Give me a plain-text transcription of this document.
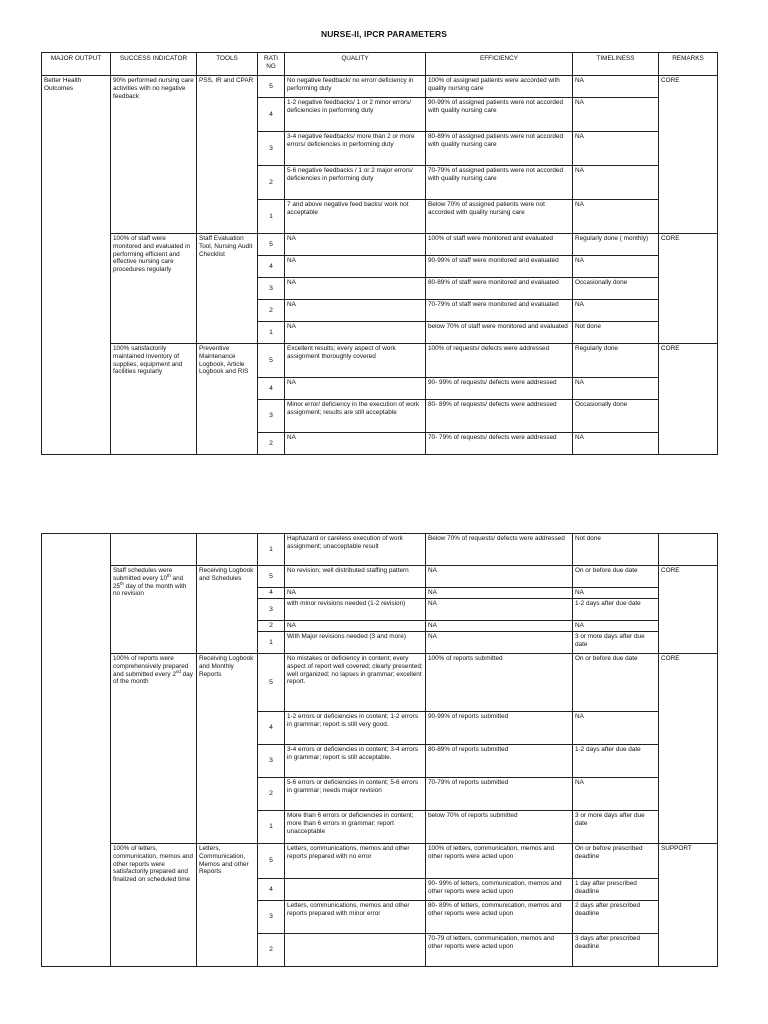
NURSE-II, IPCR PARAMETERS
MAJOR OUTPUT	SUCCESS INDICATOR	TOOLS	RATI NG	QUALITY	EFFICIENCY	TIMELINESS	REMARKS
Better Health Outcomes	90% performed nursing care activities with no negative feedback	PSS, IR and CPAR	5	No negative feedback/ no error/ deficiency in performing duty	100% of assigned patients were accorded with quality nursing care	NA	CORE
			4	1-2 negative feedbacks/ 1 or 2 minor errors/ deficiencies in performing duty	90-99% of assigned patients were not accorded with quality nursing care	NA	
			3	3-4 negative feedbacks/ more than 2 or more errors/ deficiencies in performing duty	80-89% of assigned patients were not accorded with quality nursing care	NA	
			2	5-6 negative feedbacks / 1 or 2 major errors/ deficiencies in performing duty	70-79% of assigned patients were not accorded with quality nursing care	NA	
			1	7 and above negative feed backs/ work not acceptable	Below 70% of assigned patients were not accorded with quality nursing care	NA	
	100% of staff were monitored and evaluated in performing efficient and effective nursing care procedures regularly	Staff Evaluation Tool, Nursing Audit Checklist	5	NA	100% of staff were monitored and evaluated	Regularly done ( monthly)	CORE
			4	NA	90-99% of staff were monitored and evaluated	NA	
			3	NA	80-89% of staff were monitored and evaluated	Occasionally done	
			2	NA	70-79% of staff were monitored and evaluated	NA	
			1	NA	below 70% of staff were monitored and evaluated	Not done	
	100% satisfactorily maintained inventory of supplies, equipment and facilities regularly	Preventive Maintenance Logbook, Article Logbook and RIS	5	Excellent results; every aspect of work assignment thoroughly covered	100% of requests/ defects were addressed	Regularly done	CORE
			4	NA	90- 99% of requests/ defects were addressed	NA	
			3	Minor error/ deficiency in the execution of work assignment; results are still acceptable	80- 89% of requests/ defects were addressed	Occasionally done	
			2	NA	70- 79% of requests/ defects were addressed	NA	
			1	Haphazard or careless execution of work assignment; unacceptable result	Below 70% of requests/ defects were addressed	Not done	
	Staff schedules were submitted every 10th and 25th day of the month with no revision	Receiving Logbook and Schedules	5	No revision; well distributed staffing pattern	NA	On or before due date	CORE
			4	NA	NA	NA	
			3	with minor revisions needed (1-2 revision)	NA	1-2 days after due date	
			2	NA	NA	NA	
			1	With Major revisions needed (3 and more)	NA	3 or more days after due date	
	100% of reports were comprehensively prepared and submitted every 2nd day of the month	Receiving Logbook and Monthly Reports	5	No mistakes or deficiency in content; every aspect of report well covered; clearly presented; well organized; no lapses in grammar; excellent report.	100% of reports submitted	On or before due date	CORE
			4	1-2 errors or deficiencies in content; 1-2 errors in grammar; report is still very good.	90-99% of reports submitted	NA	
			3	3-4 errors or deficiencies in content; 3-4 errors in grammar; report is still acceptable.	80-89% of reports submitted	1-2 days after due date	
			2	5-6 errors or deficiencies in content; 5-6 errors in grammar; needs major revision	70-79% of reports submitted	NA	
			1	More than 6 errors or deficiencies in content; more than 6 errors in grammar; report unacceptable	below 70% of reports submitted	3 or more days after due date	
	100% of letters, communication, memos and other reports were satisfactorily prepared and finalized on scheduled time	Letters, Communication, Memos and other Reports	5	Letters, communications, memos and other reports prepared with no error	100% of letters, communication, memos and other reports were acted upon	On or before prescribed deadline	SUPPORT
			4		90- 99% of letters, communication, memos and other reports were acted upon	1 day after prescribed deadline	
			3	Letters, communications, memos and other reports prepared with minor error	80- 89% of letters, communication, memos and other reports were acted upon	2 days after prescribed deadline	
			2		70-79 of letters, communication, memos and other reports were acted upon	3 days after prescribed deadline	
